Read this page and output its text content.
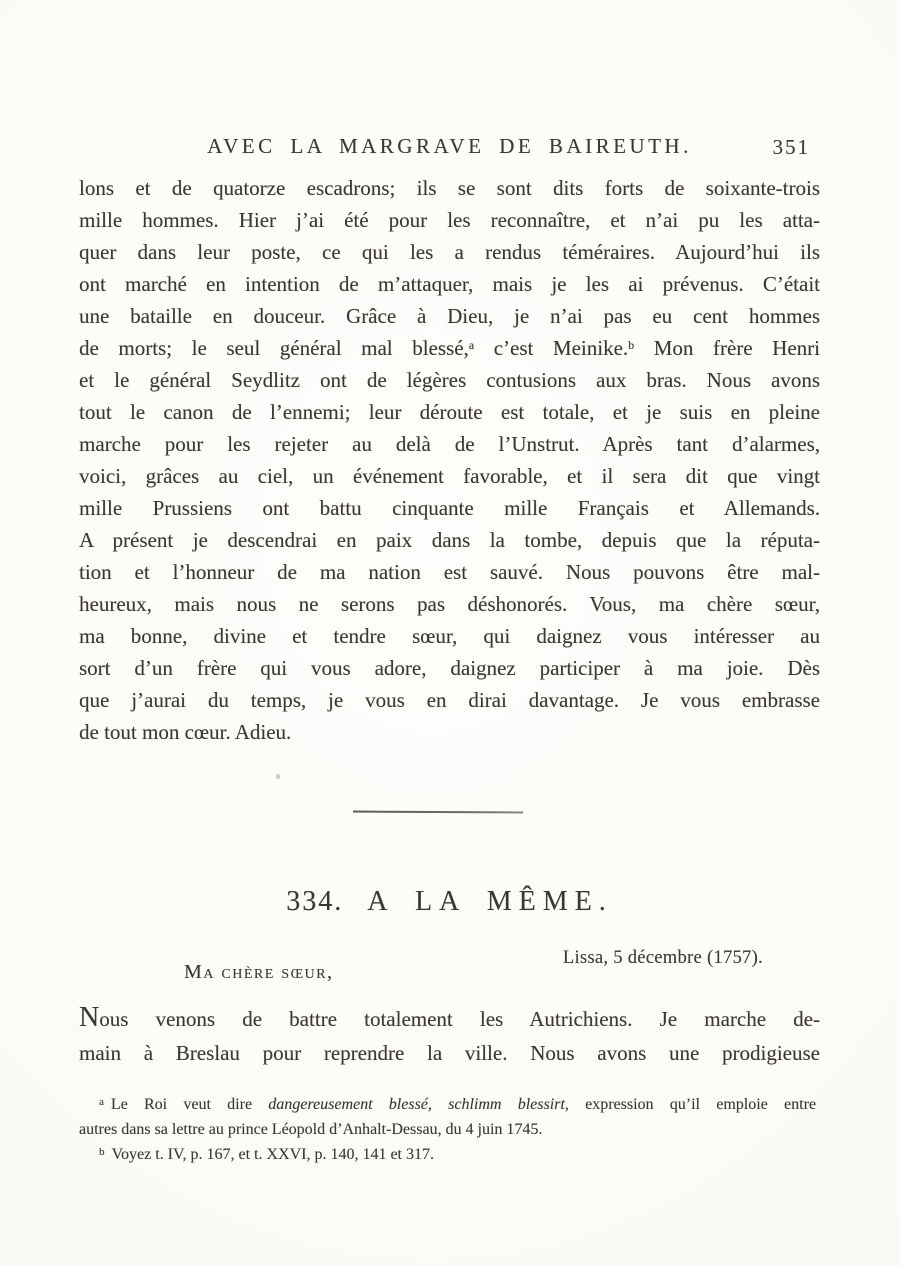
AVEC LA MARGRAVE DE BAIREUTH.	351
lons et de quatorze escadrons; ils se sont dits forts de soixante-trois
mille hommes. Hier j’ai été pour les reconnaître, et n’ai pu les atta-
quer dans leur poste, ce qui les a rendus téméraires. Aujourd’hui ils
ont marché en intention de m’attaquer, mais je les ai prévenus. C’était
une bataille en douceur. Grâce à Dieu, je n’ai pas eu cent hommes
de morts; le seul général mal blessé,$^a$ c’est Meinike.$^b$ Mon frère Henri
et le général Seydlitz ont de légères contusions aux bras. Nous avons
tout le canon de l’ennemi; leur déroute est totale, et je suis en pleine
marche pour les rejeter au delà de l’Unstrut. Après tant d’alarmes,
voici, grâces au ciel, un événement favorable, et il sera dit que vingt
mille Prussiens ont battu cinquante mille Français et Allemands.
A présent je descendrai en paix dans la tombe, depuis que la réputa-
tion et l’honneur de ma nation est sauvé. Nous pouvons être mal-
heureux, mais nous ne serons pas déshonorés. Vous, ma chère sœur,
ma bonne, divine et tendre sœur, qui daignez vous intéresser au
sort d’un frère qui vous adore, daignez participer à ma joie. Dès
que j’aurai du temps, je vous en dirai davantage. Je vous embrasse
de tout mon cœur. Adieu.
334. A LA MÊME.
Lissa, 5 décembre (1757).
Ma chère sœur,
Nous venons de battre totalement les Autrichiens. Je marche de-
main à Breslau pour reprendre la ville. Nous avons une prodigieuse
$^a$ Le Roi veut dire dangereusement blessé, schlimm blessirt, expression qu’il emploie entre
autres dans sa lettre au prince Léopold d’Anhalt-Dessau, du 4 juin 1745.
$^b$ Voyez t. IV, p. 167, et t. XXVI, p. 140, 141 et 317.
